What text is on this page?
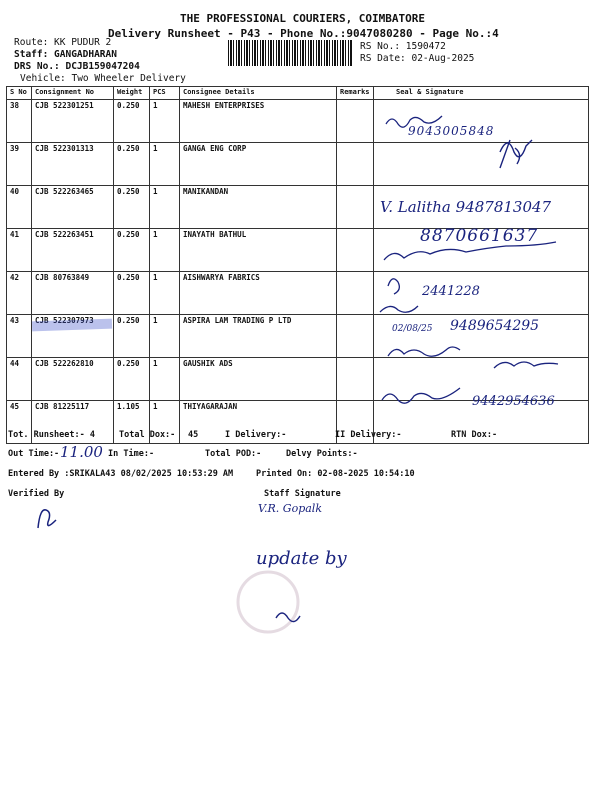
THE PROFESSIONAL COURIERS, COIMBATORE
Delivery Runsheet - P43 - Phone No.:9047080280 - Page No.:4
Route: KK PUDUR 2
Staff: GANGADHARAN
DRS No.: DCJB159047204
Vehicle: Two Wheeler Delivery
RS No.: 1590472
RS Date: 02-Aug-2025
S No	Consignment No	Weight	PCS	Consignee Details	Remarks	Seal & Signature
38	CJB 522301251	0.250	1	MAHESH ENTERPRISES		
39	CJB 522301313	0.250	1	GANGA ENG CORP		
40	CJB 522263465	0.250	1	MANIKANDAN		
41	CJB 522263451	0.250	1	INAYATH BATHUL		
42	CJB 80763849	0.250	1	AISHWARYA FABRICS		
43	CJB 522307973	0.250	1	ASPIRA LAM TRADING P LTD		
44	CJB 522262810	0.250	1	GAUSHIK ADS		
45	CJB 81225117	1.105	1	THIYAGARAJAN		
9043005848
V. Lalitha 9487813047
8870661637
2441228
02/08/25 9489654295
9442954636
Tot. Runsheet:- 4	Total Dox:- 45	I Delivery:-	II Delivery:-	RTN Dox:-
Out Time:- 11.00 In Time:-	Total POD:-	Delvy Points:-
Entered By :SRIKALA43 08/02/2025 10:53:29 AM	Printed On: 02-08-2025 10:54:10
Verified By	Staff Signature
V.R. Gopalk
update by
